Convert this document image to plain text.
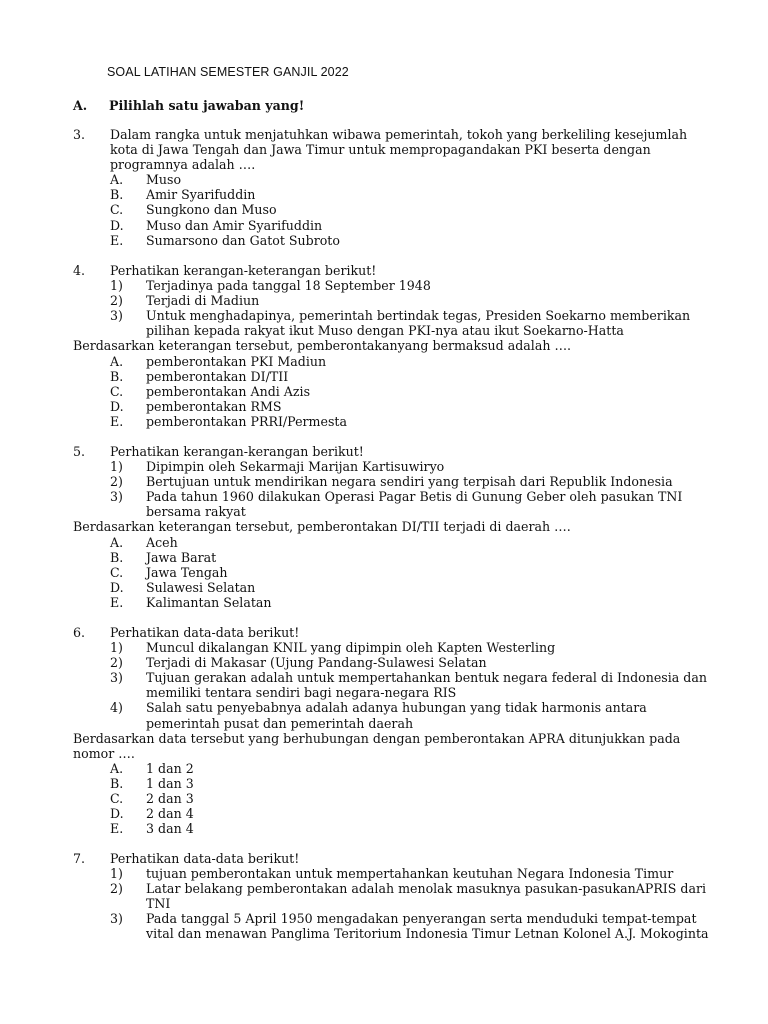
SOAL LATIHAN SEMESTER GANJIL 2022
A. Pilihlah satu jawaban yang!
3. Dalam rangka untuk menjatuhkan wibawa pemerintah, tokoh yang berkeliling kesejumlah kota di Jawa Tengah dan Jawa Timur untuk mempropagandakan PKI beserta dengan programnya adalah ….
A. Muso
B. Amir Syarifuddin
C. Sungkono dan Muso
D. Muso dan Amir Syarifuddin
E. Sumarsono dan Gatot Subroto
4. Perhatikan kerangan-keterangan berikut!
1) Terjadinya pada tanggal 18 September 1948
2) Terjadi di Madiun
3) Untuk menghadapinya, pemerintah bertindak tegas, Presiden Soekarno memberikan pilihan kepada rakyat ikut Muso dengan PKI-nya atau ikut Soekarno-Hatta
Berdasarkan keterangan tersebut, pemberontakanyang bermaksud adalah ….
A. pemberontakan PKI Madiun
B. pemberontakan DI/TII
C. pemberontakan Andi Azis
D. pemberontakan RMS
E. pemberontakan PRRI/Permesta
5. Perhatikan kerangan-kerangan berikut!
1) Dipimpin oleh Sekarmaji Marijan Kartisuwiryo
2) Bertujuan untuk mendirikan negara sendiri yang terpisah dari Republik Indonesia
3) Pada tahun 1960 dilakukan Operasi Pagar Betis di Gunung Geber oleh pasukan TNI bersama rakyat
Berdasarkan keterangan tersebut, pemberontakan DI/TII terjadi di daerah ….
A. Aceh
B. Jawa Barat
C. Jawa Tengah
D. Sulawesi Selatan
E. Kalimantan Selatan
6. Perhatikan data-data berikut!
1) Muncul dikalangan KNIL yang dipimpin oleh Kapten Westerling
2) Terjadi di Makasar (Ujung Pandang-Sulawesi Selatan
3) Tujuan gerakan adalah untuk mempertahankan bentuk negara federal di Indonesia dan memiliki tentara sendiri bagi negara-negara RIS
4) Salah satu penyebabnya adalah adanya hubungan yang tidak harmonis antara pemerintah pusat dan pemerintah daerah
Berdasarkan data tersebut yang berhubungan dengan pemberontakan APRA ditunjukkan pada nomor ….
A. 1 dan 2
B. 1 dan 3
C. 2 dan 3
D. 2 dan 4
E. 3 dan 4
7. Perhatikan data-data berikut!
1) tujuan pemberontakan untuk mempertahankan keutuhan Negara Indonesia Timur
2) Latar belakang pemberontakan adalah menolak masuknya pasukan-pasukanAPRIS dari TNI
3) Pada tanggal 5 April 1950 mengadakan penyerangan serta menduduki tempat-tempat vital dan menawan Panglima Teritorium Indonesia Timur Letnan Kolonel A.J. Mokoginta
